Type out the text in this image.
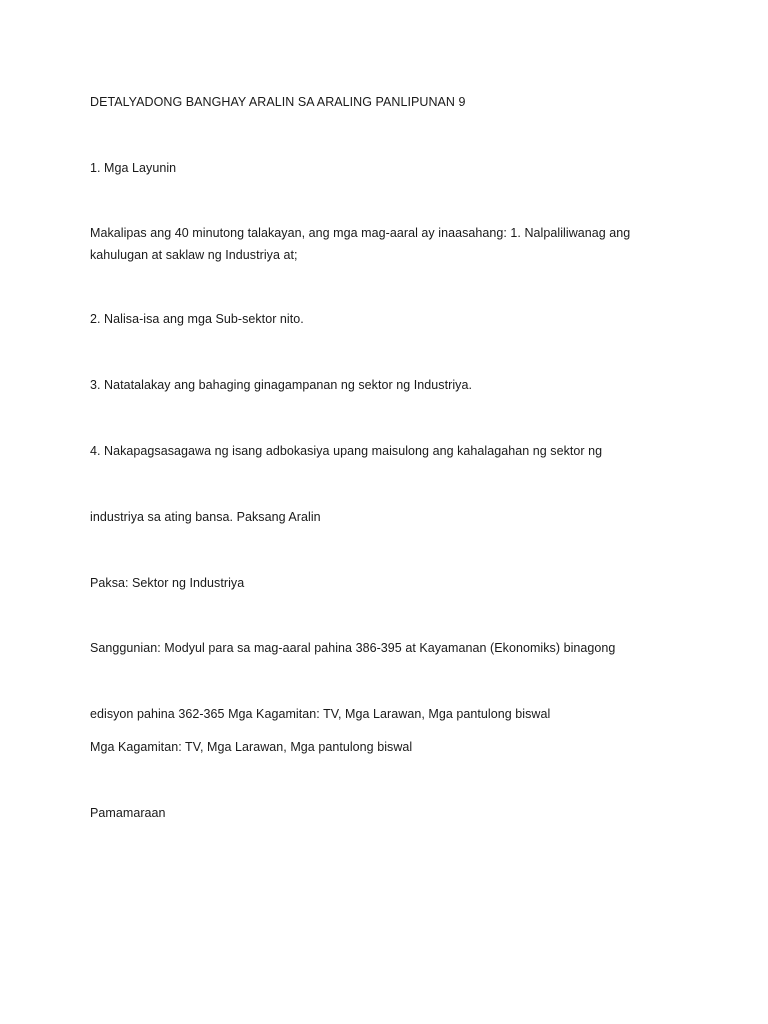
DETALYADONG BANGHAY ARALIN SA ARALING PANLIPUNAN 9
1. Mga Layunin
Makalipas ang 40 minutong talakayan, ang mga mag-aaral ay inaasahang: 1. Nalpaliliwanag ang kahulugan at saklaw ng Industriya at;
2. Nalisa-isa ang mga Sub-sektor nito.
3. Natatalakay ang bahaging ginagampanan ng sektor ng Industriya.
4. Nakapagsasagawa ng isang adbokasiya upang maisulong ang kahalagahan ng sektor ng
industriya sa ating bansa. Paksang Aralin
Paksa: Sektor ng Industriya
Sanggunian: Modyul para sa mag-aaral pahina 386-395 at Kayamanan (Ekonomiks) binagong
edisyon pahina 362-365 Mga Kagamitan: TV, Mga Larawan, Mga pantulong biswal
Mga Kagamitan: TV, Mga Larawan, Mga pantulong biswal
Pamamaraan
